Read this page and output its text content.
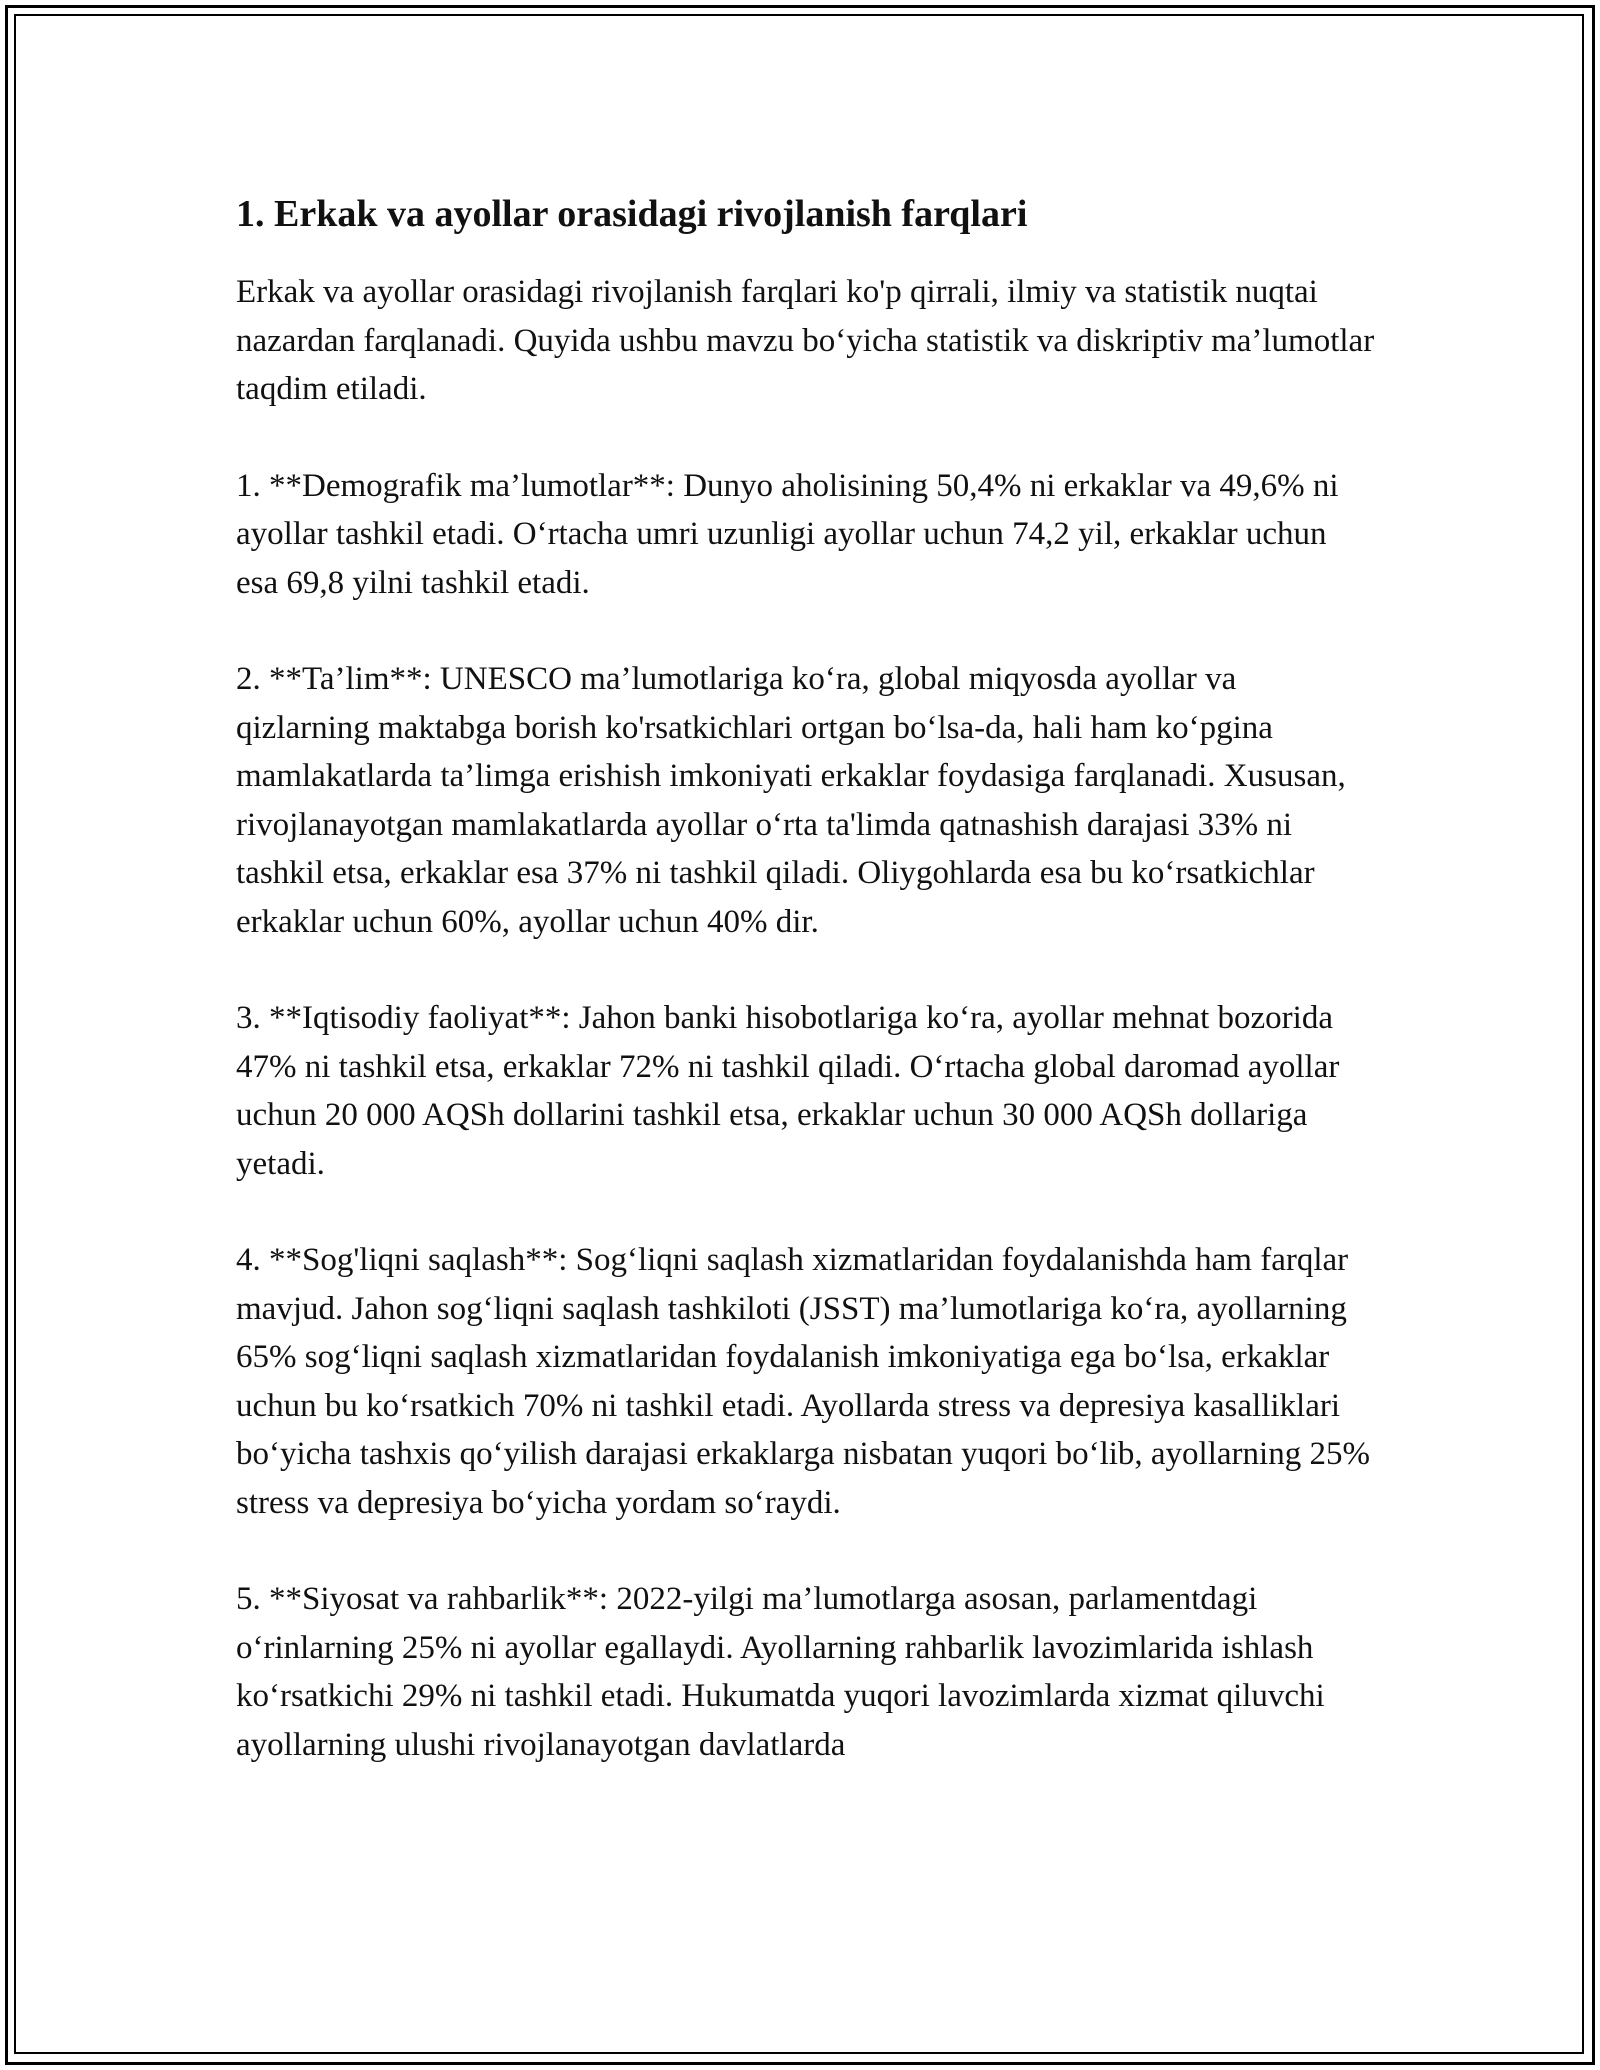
1. Erkak va ayollar orasidagi rivojlanish farqlari

Erkak va ayollar orasidagi rivojlanish farqlari ko'p qirrali, ilmiy va statistik nuqtai nazardan farqlanadi. Quyida ushbu mavzu bo‘yicha statistik va diskriptiv ma’lumotlar taqdim etiladi.

1. **Demografik ma’lumotlar**: Dunyo aholisining 50,4% ni erkaklar va 49,6% ni ayollar tashkil etadi. O‘rtacha umri uzunligi ayollar uchun 74,2 yil, erkaklar uchun esa 69,8 yilni tashkil etadi.

2. **Ta’lim**: UNESCO ma’lumotlariga ko‘ra, global miqyosda ayollar va qizlarning maktabga borish ko'rsatkichlari ortgan bo‘lsa-da, hali ham ko‘pgina mamlakatlarda ta’limga erishish imkoniyati erkaklar foydasiga farqlanadi. Xususan, rivojlanayotgan mamlakatlarda ayollar o‘rta ta'limda qatnashish darajasi 33% ni tashkil etsa, erkaklar esa 37% ni tashkil qiladi. Oliygohlarda esa bu ko‘rsatkichlar erkaklar uchun 60%, ayollar uchun 40% dir.

3. **Iqtisodiy faoliyat**: Jahon banki hisobotlariga ko‘ra, ayollar mehnat bozorida 47% ni tashkil etsa, erkaklar 72% ni tashkil qiladi. O‘rtacha global daromad ayollar uchun 20 000 AQSh dollarini tashkil etsa, erkaklar uchun 30 000 AQSh dollariga yetadi.

4. **Sog'liqni saqlash**: Sog‘liqni saqlash xizmatlaridan foydalanishda ham farqlar mavjud. Jahon sog‘liqni saqlash tashkiloti (JSST) ma’lumotlariga ko‘ra, ayollarning 65% sog‘liqni saqlash xizmatlaridan foydalanish imkoniyatiga ega bo‘lsa, erkaklar uchun bu ko‘rsatkich 70% ni tashkil etadi. Ayollarda stress va depresiya kasalliklari bo‘yicha tashxis qo‘yilish darajasi erkaklarga nisbatan yuqori bo‘lib, ayollarning 25% stress va depresiya bo‘yicha yordam so‘raydi.

5. **Siyosat va rahbarlik**: 2022-yilgi ma’lumotlarga asosan, parlamentdagi o‘rinlarning 25% ni ayollar egallaydi. Ayollarning rahbarlik lavozimlarida ishlash ko‘rsatkichi 29% ni tashkil etadi. Hukumatda yuqori lavozimlarda xizmat qiluvchi ayollarning ulushi rivojlanayotgan davlatlarda
